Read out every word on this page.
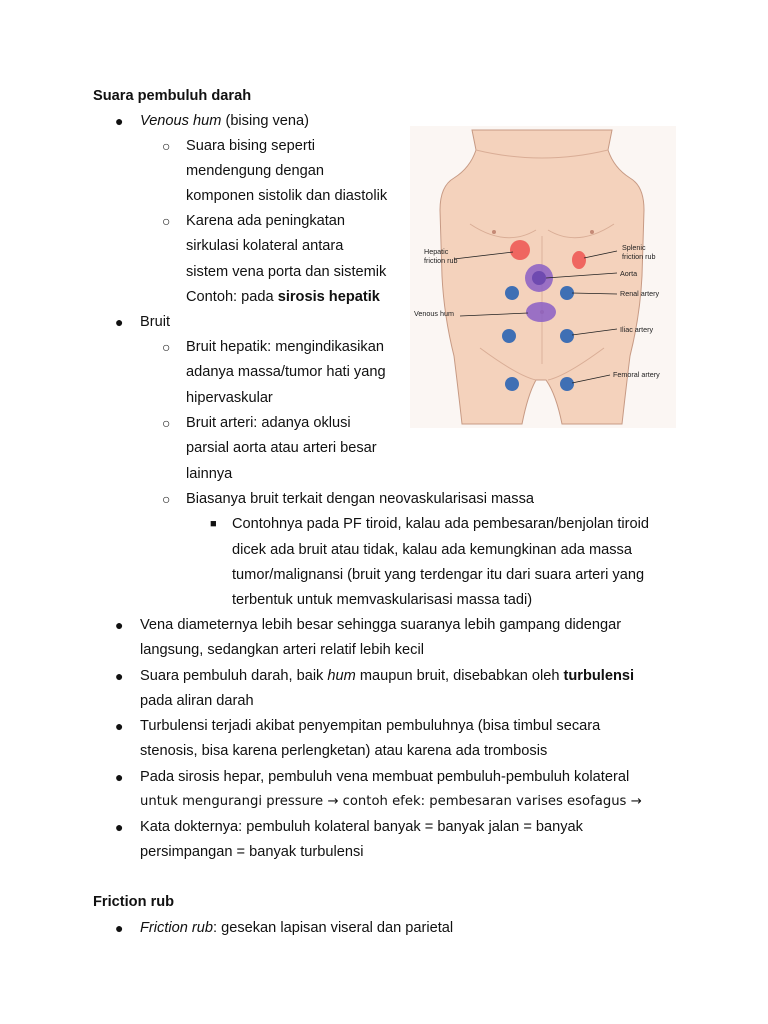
Suara pembuluh darah
● Venous hum (bising vena)
○ Suara bising seperti
mendengung dengan
komponen sistolik dan diastolik
○ Karena ada peningkatan
sirkulasi kolateral antara
sistem vena porta dan sistemik
Contoh: pada sirosis hepatik
● Bruit
○ Bruit hepatik: mengindikasikan
adanya massa/tumor hati yang
hipervaskular
○ Bruit arteri: adanya oklusi
parsial aorta atau arteri besar
lainnya
○ Biasanya bruit terkait dengan neovaskularisasi massa
■ Contohnya pada PF tiroid, kalau ada pembesaran/benjolan tiroid
dicek ada bruit atau tidak, kalau ada kemungkinan ada massa
tumor/malignansi (bruit yang terdengar itu dari suara arteri yang
terbentuk untuk memvaskularisasi massa tadi)
● Vena diameternya lebih besar sehingga suaranya lebih gampang didengar
langsung, sedangkan arteri relatif lebih kecil
● Suara pembuluh darah, baik hum maupun bruit, disebabkan oleh turbulensi
pada aliran darah
● Turbulensi terjadi akibat penyempitan pembuluhnya (bisa timbul secara
stenosis, bisa karena perlengketan) atau karena ada trombosis
● Pada sirosis hepar, pembuluh vena membuat pembuluh-pembuluh kolateral
untuk mengurangi pressure → contoh efek: pembesaran varises esofagus →
● Kata dokternya: pembuluh kolateral banyak = banyak jalan = banyak
persimpangan = banyak turbulensi
Friction rub
● Friction rub: gesekan lapisan viseral dan parietal
Hepatic
friction rub
Splenic
friction rub
Aorta
Renal artery
Venous hum
Iliac artery
Femoral artery
